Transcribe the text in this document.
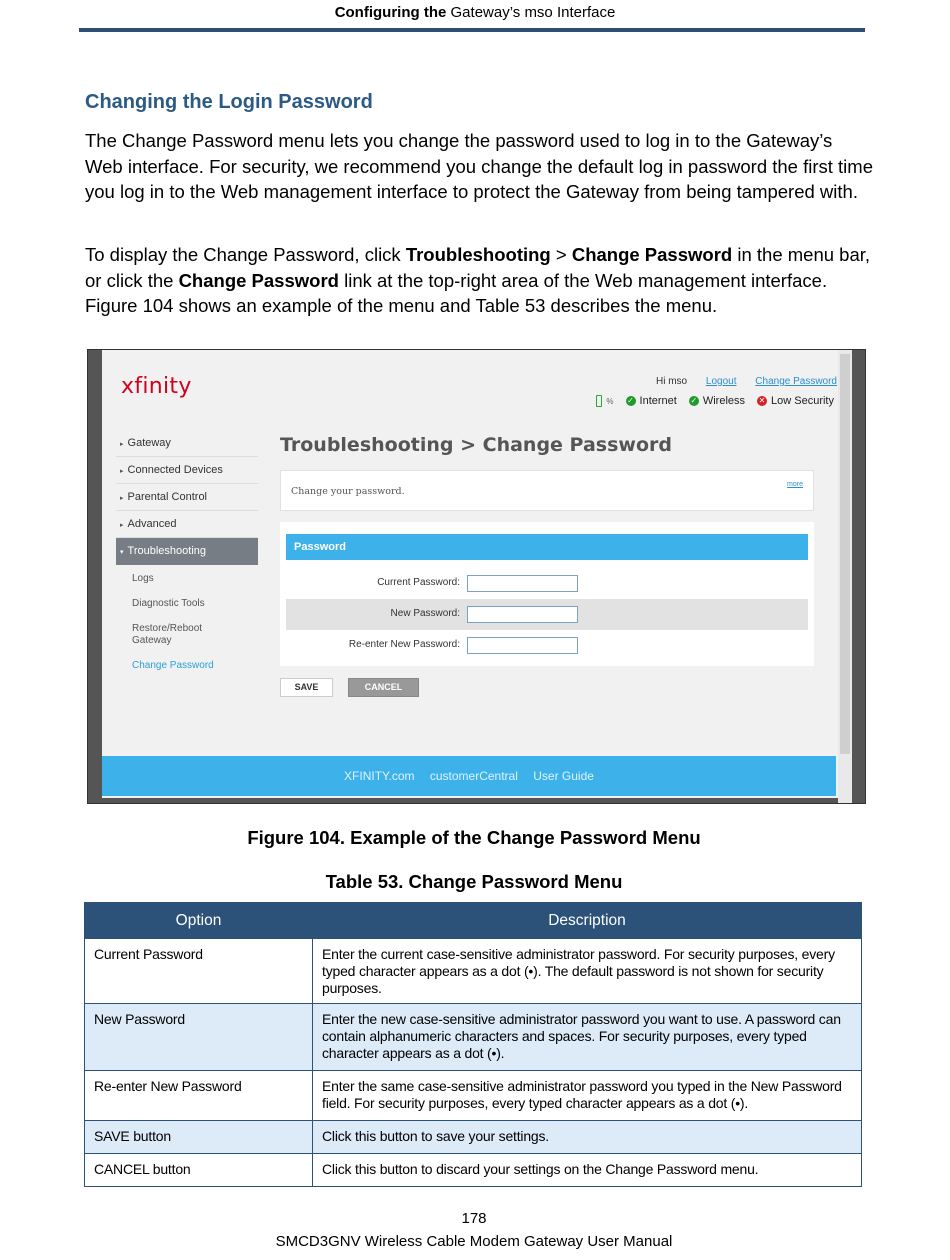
Configuring the Gateway’s mso Interface
Changing the Login Password

The Change Password menu lets you change the password used to log in to the Gateway’s Web interface. For security, we recommend you change the default log in password the first time you log in to the Web management interface to protect the Gateway from being tampered with.

To display the Change Password, click Troubleshooting > Change Password in the menu bar, or click the Change Password link at the top-right area of the Web management interface. Figure 104 shows an example of the menu and Table 53 describes the menu.

xfinity	Hi mso Logout Change Password
% ✓ Internet ✓ Wireless ✕ Low Security
▸ Gateway
▸ Connected Devices
▸ Parental Control
▸ Advanced
▾ Troubleshooting
Logs
Diagnostic Tools
Restore/Reboot Gateway
Change Password
Troubleshooting > Change Password
Change your password.
more
Password
Current Password:
New Password:
Re-enter New Password:
SAVE	CANCEL
XFINITY.com customerCentral User Guide
Figure 104. Example of the Change Password Menu
Table 53. Change Password Menu
Option	Description
Current Password	Enter the current case-sensitive administrator password. For security purposes, every typed character appears as a dot (•). The default password is not shown for security purposes.
New Password	Enter the new case-sensitive administrator password you want to use. A password can contain alphanumeric characters and spaces. For security purposes, every typed character appears as a dot (•).
Re-enter New Password	Enter the same case-sensitive administrator password you typed in the New Password field. For security purposes, every typed character appears as a dot (•).
SAVE button	Click this button to save your settings.
CANCEL button	Click this button to discard your settings on the Change Password menu.
178
SMCD3GNV Wireless Cable Modem Gateway User Manual
